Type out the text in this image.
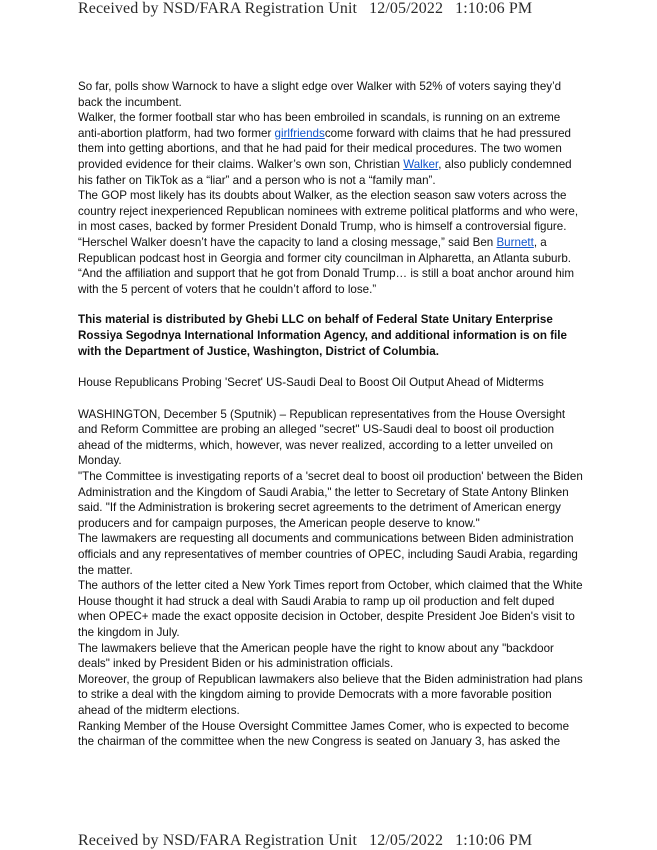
Received by NSD/FARA Registration Unit 12/05/2022 1:10:06 PM

So far, polls show Warnock to have a slight edge over Walker with 52% of voters saying they’d back the incumbent.

Walker, the former football star who has been embroiled in scandals, is running on an extreme anti-abortion platform, had two former girlfriendscome forward with claims that he had pressured them into getting abortions, and that he had paid for their medical procedures. The two women provided evidence for their claims. Walker’s own son, Christian Walker, also publicly condemned his father on TikTok as a “liar” and a person who is not a “family man”.

The GOP most likely has its doubts about Walker, as the election season saw voters across the country reject inexperienced Republican nominees with extreme political platforms and who were, in most cases, backed by former President Donald Trump, who is himself a controversial figure.

“Herschel Walker doesn’t have the capacity to land a closing message,” said Ben Burnett, a Republican podcast host in Georgia and former city councilman in Alpharetta, an Atlanta suburb. “And the affiliation and support that he got from Donald Trump… is still a boat anchor around him with the 5 percent of voters that he couldn’t afford to lose.”

This material is distributed by Ghebi LLC on behalf of Federal State Unitary Enterprise Rossiya Segodnya International Information Agency, and additional information is on file with the Department of Justice, Washington, District of Columbia.

House Republicans Probing 'Secret' US-Saudi Deal to Boost Oil Output Ahead of Midterms

WASHINGTON, December 5 (Sputnik) – Republican representatives from the House Oversight and Reform Committee are probing an alleged "secret" US-Saudi deal to boost oil production ahead of the midterms, which, however, was never realized, according to a letter unveiled on Monday.

"The Committee is investigating reports of a 'secret deal to boost oil production' between the Biden Administration and the Kingdom of Saudi Arabia," the letter to Secretary of State Antony Blinken said. "If the Administration is brokering secret agreements to the detriment of American energy producers and for campaign purposes, the American people deserve to know."

The lawmakers are requesting all documents and communications between Biden administration officials and any representatives of member countries of OPEC, including Saudi Arabia, regarding the matter.

The authors of the letter cited a New York Times report from October, which claimed that the White House thought it had struck a deal with Saudi Arabia to ramp up oil production and felt duped when OPEC+ made the exact opposite decision in October, despite President Joe Biden's visit to the kingdom in July.

The lawmakers believe that the American people have the right to know about any "backdoor deals" inked by President Biden or his administration officials.

Moreover, the group of Republican lawmakers also believe that the Biden administration had plans to strike a deal with the kingdom aiming to provide Democrats with a more favorable position ahead of the midterm elections.

Ranking Member of the House Oversight Committee James Comer, who is expected to become the chairman of the committee when the new Congress is seated on January 3, has asked the

Received by NSD/FARA Registration Unit 12/05/2022 1:10:06 PM
